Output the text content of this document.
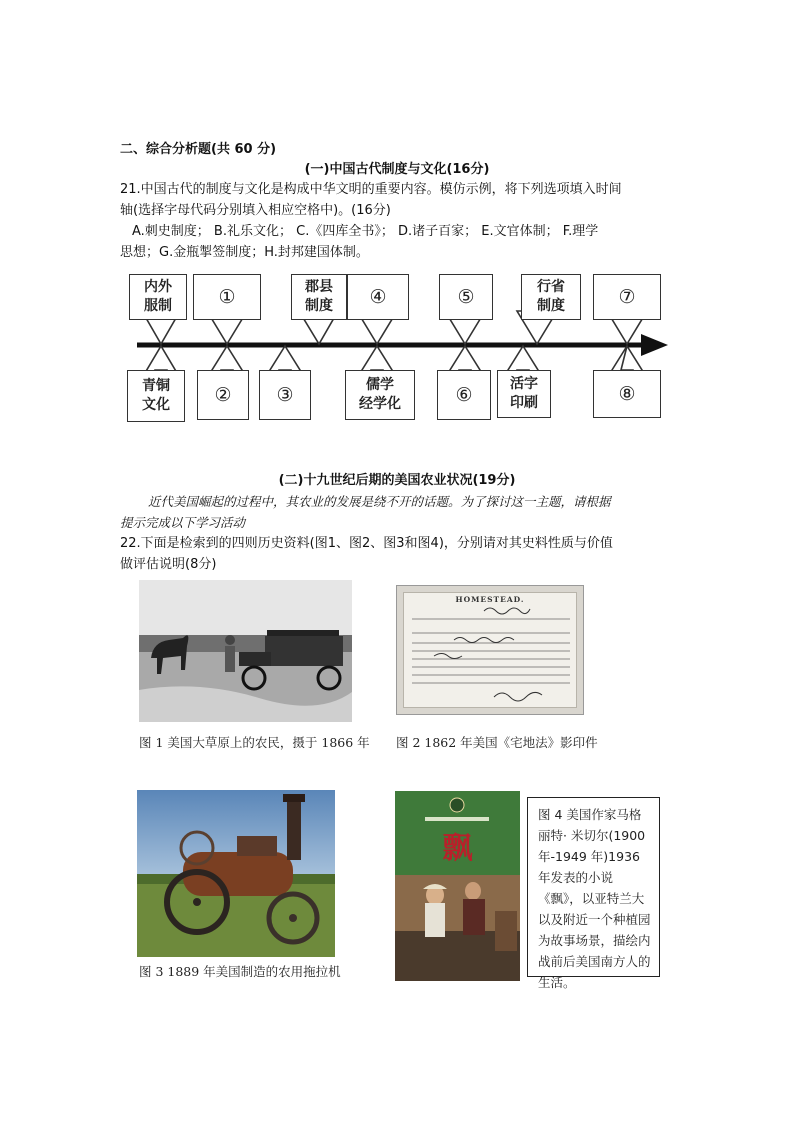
二、综合分析题(共 60 分)
(一)中国古代制度与文化(16分)
21.中国古代的制度与文化是构成中华文明的重要内容。模仿示例，将下列选项填入时间
轴(选择字母代码分别填入相应空格中)。(16分)
A.刺史制度； B.礼乐文化； C.《四库全书》； D.诸子百家； E.文官体制； F.理学
思想；G.金瓶掣签制度；H.封邦建国体制。
内外
服制 ①	郡县
制度 ④	⑤	行省
制度	⑦
青铜
文化 ② ③	儒学
经学化	⑥	活字
印刷	⑧
(二)十九世纪后期的美国农业状况(19分)
近代美国崛起的过程中，其农业的发展是绕不开的话题。为了探讨这一主题，请根据
提示完成以下学习活动
22.下面是检索到的四则历史资料(图1、图2、图3和图4)，分别请对其史料性质与价值
做评估说明(8分)
图 1 美国大草原上的农民，摄于 1866 年
HOMESTEAD.
图 2 1862 年美国《宅地法》影印件
图 3 1889 年美国制造的农用拖拉机
飘
图 4 美国作家马格丽特· 米切尔(1900 年-1949 年)1936 年发表的小说《飘》，以亚特兰大以及附近一个种植园为故事场景，描绘内战前后美国南方人的生活。
